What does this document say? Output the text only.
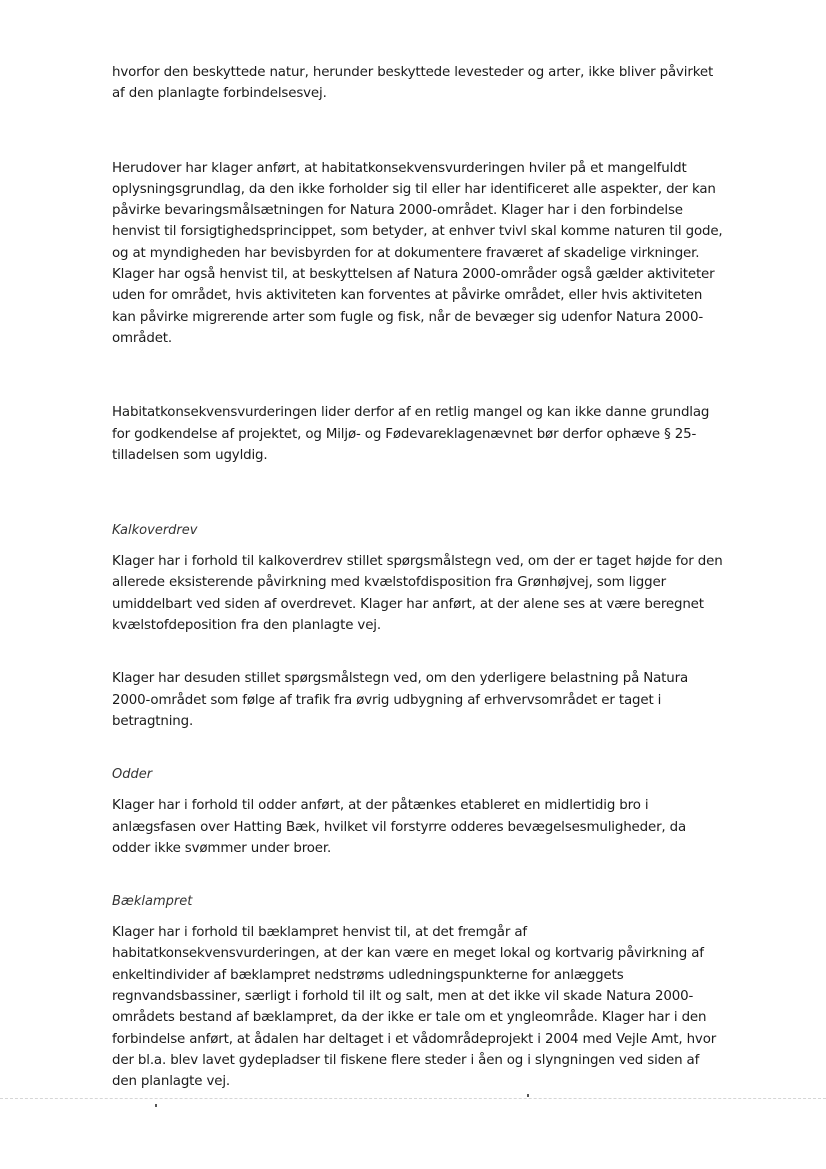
hvorfor den beskyttede natur, herunder beskyttede levesteder og arter, ikke bliver påvirket af den planlagte forbindelsesvej.

Herudover har klager anført, at habitatkonsekvensvurderingen hviler på et mangelfuldt oplysningsgrundlag, da den ikke forholder sig til eller har identificeret alle aspekter, der kan påvirke bevaringsmålsætningen for Natura 2000-området. Klager har i den forbindelse henvist til forsigtighedsprincippet, som betyder, at enhver tvivl skal komme naturen til gode, og at myndigheden har bevisbyrden for at dokumentere fraværet af skadelige virkninger. Klager har også henvist til, at beskyttelsen af Natura 2000-områder også gælder aktiviteter uden for området, hvis aktiviteten kan forventes at påvirke området, eller hvis aktiviteten kan påvirke migrerende arter som fugle og fisk, når de bevæger sig udenfor Natura 2000-området.

Habitatkonsekvensvurderingen lider derfor af en retlig mangel og kan ikke danne grundlag for godkendelse af projektet, og Miljø- og Fødevareklagenævnet bør derfor ophæve § 25-tilladelsen som ugyldig.

Kalkoverdrev

Klager har i forhold til kalkoverdrev stillet spørgsmålstegn ved, om der er taget højde for den allerede eksisterende påvirkning med kvælstofdisposition fra Grønhøjvej, som ligger umiddelbart ved siden af overdrevet. Klager har anført, at der alene ses at være beregnet kvælstofdeposition fra den planlagte vej.

Klager har desuden stillet spørgsmålstegn ved, om den yderligere belastning på Natura 2000-området som følge af trafik fra øvrig udbygning af erhvervsområdet er taget i betragtning.

Odder

Klager har i forhold til odder anført, at der påtænkes etableret en midlertidig bro i anlægsfasen over Hatting Bæk, hvilket vil forstyrre odderes bevægelsesmuligheder, da odder ikke svømmer under broer.

Bæklampret

Klager har i forhold til bæklampret henvist til, at det fremgår af habitatkonsekvensvurderingen, at der kan være en meget lokal og kortvarig påvirkning af enkeltindivider af bæklampret nedstrøms udledningspunkterne for anlæggets regnvandsbassiner, særligt i forhold til ilt og salt, men at det ikke vil skade Natura 2000-områdets bestand af bæklampret, da der ikke er tale om et yngleområde. Klager har i den forbindelse anført, at ådalen har deltaget i et vådområdeprojekt i 2004 med Vejle Amt, hvor der bl.a. blev lavet gydepladser til fiskene flere steder i åen og i slyngningen ved siden af den planlagte vej.
